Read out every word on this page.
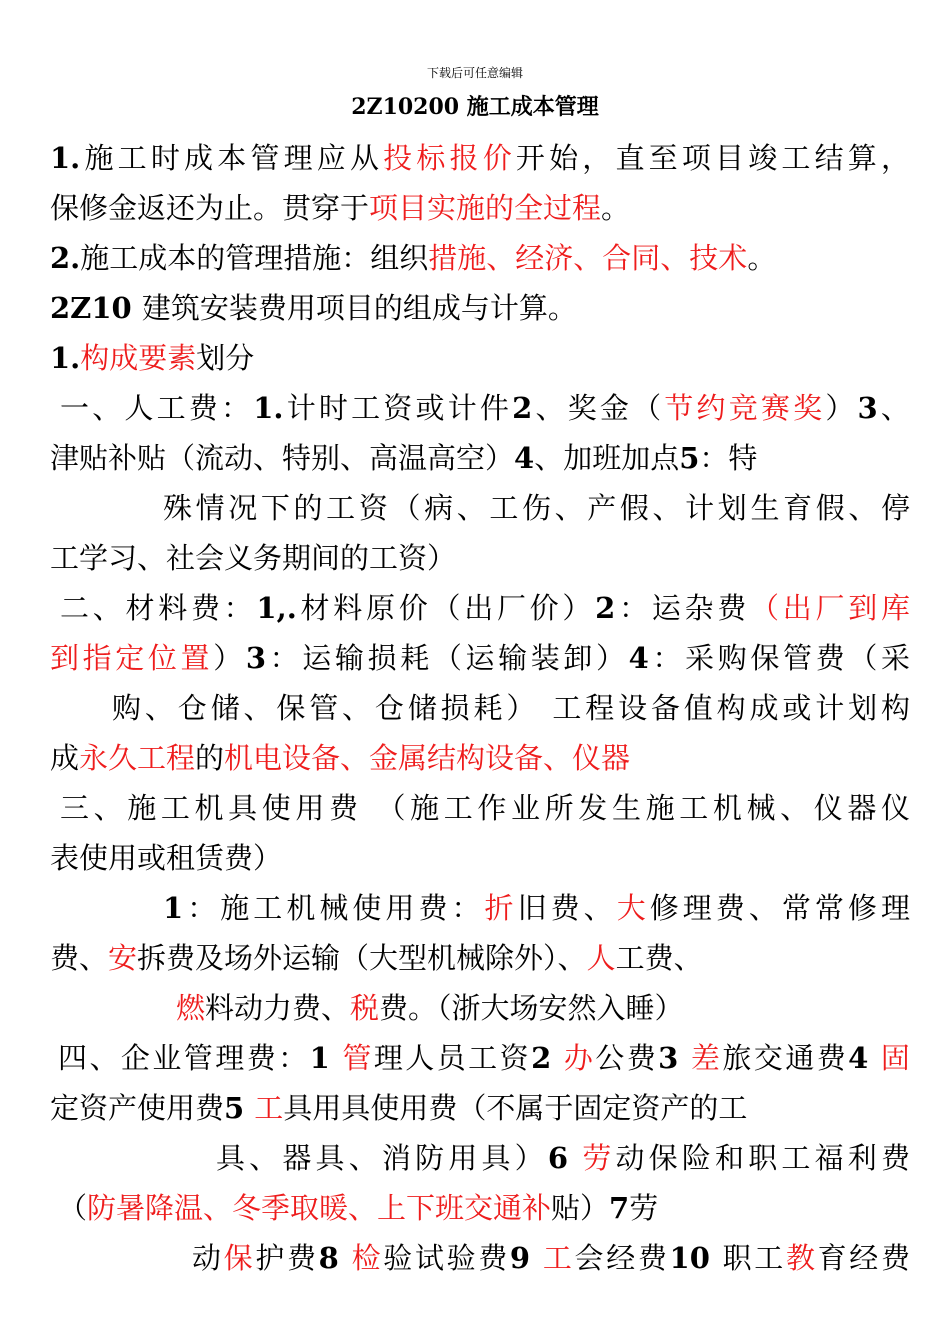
下载后可任意编辑
2Z10200 施工成本管理
1.施工时成本管理应从投标报价开始，直至项目竣工结算，
保修金返还为止。贯穿于项目实施的全过程。
2.施工成本的管理措施：组织措施、经济、合同、技术。
2Z10 建筑安装费用项目的组成与计算。
1.构成要素划分
一、人工费：1.计时工资或计件2、奖金（节约竞赛奖）3、
津贴补贴（流动、特别、高温高空）4、加班加点5：特
殊情况下的工资（病、工伤、产假、计划生育假、停
工学习、社会义务期间的工资）
二、材料费：1,.材料原价（出厂价）2：运杂费（出厂到库
到指定位置）3：运输损耗（运输装卸）4：采购保管费（采
购、仓储、保管、仓储损耗） 工程设备值构成或计划构
成永久工程的机电设备、金属结构设备、仪器
三、施工机具使用费 （施工作业所发生施工机械、仪器仪
表使用或租赁费）
1：施工机械使用费：折旧费、大修理费、常常修理
费、安拆费及场外运输（大型机械除外）、人工费、
燃料动力费、税费。（浙大场安然入睡）
四、企业管理费：1 管理人员工资2 办公费3 差旅交通费4 固
定资产使用费5 工具用具使用费（不属于固定资产的工
具、器具、消防用具）6 劳动保险和职工福利费
（防暑降温、冬季取暖、上下班交通补贴）7劳
动保护费8 检验试验费9 工会经费10 职工教育经费
